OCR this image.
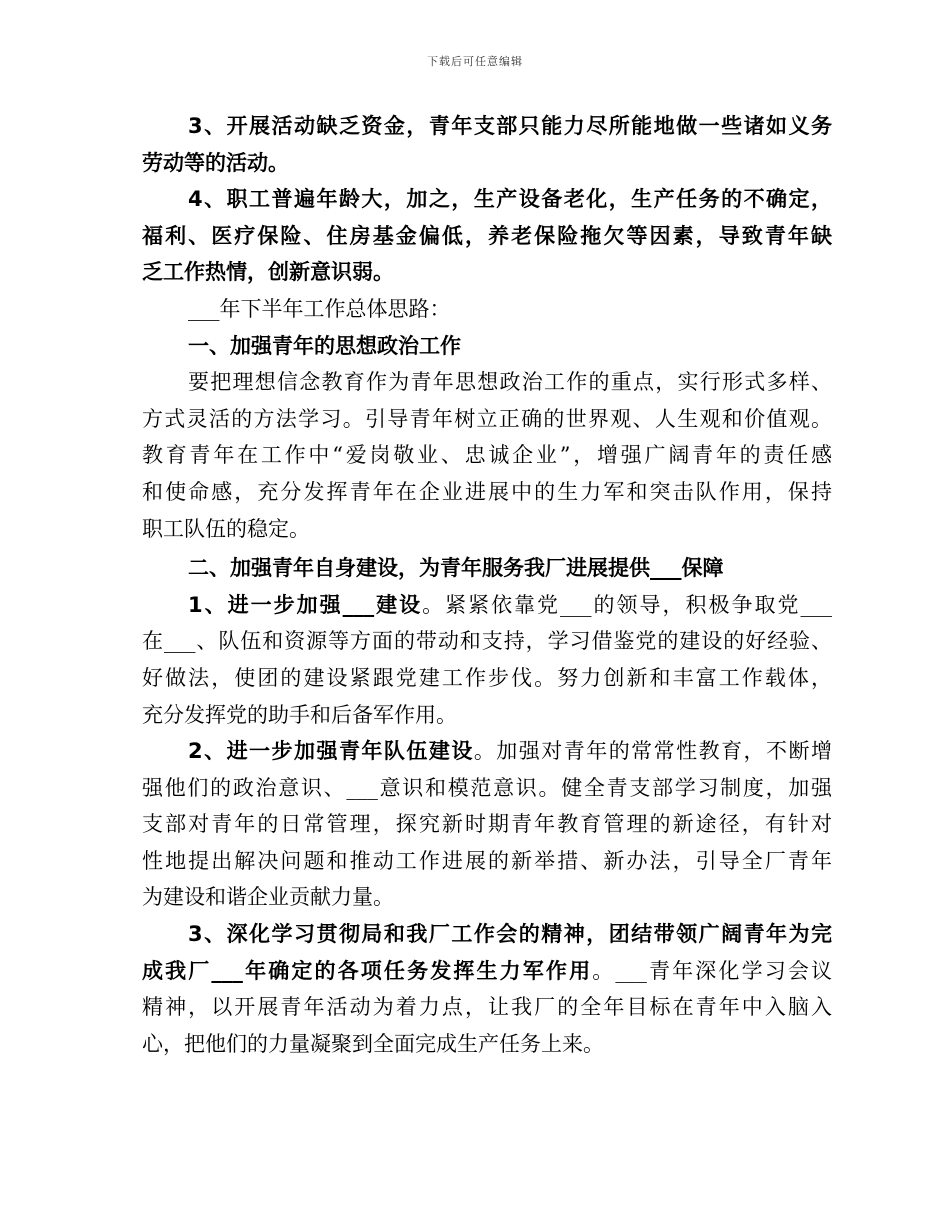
下载后可任意编辑
3、开展活动缺乏资金，青年支部只能力尽所能地做一些诸如义务
劳动等的活动。
4、职工普遍年龄大，加之，生产设备老化，生产任务的不确定，
福利、医疗保险、住房基金偏低，养老保险拖欠等因素，导致青年缺
乏工作热情，创新意识弱。
___年下半年工作总体思路：
一、加强青年的思想政治工作
要把理想信念教育作为青年思想政治工作的重点，实行形式多样、
方式灵活的方法学习。引导青年树立正确的世界观、人生观和价值观。
教育青年在工作中“爱岗敬业、忠诚企业”，增强广阔青年的责任感
和使命感，充分发挥青年在企业进展中的生力军和突击队作用，保持
职工队伍的稳定。
二、加强青年自身建设，为青年服务我厂进展提供___保障
1、进一步加强___建设。紧紧依靠党___的领导，积极争取党___
在___、队伍和资源等方面的带动和支持，学习借鉴党的建设的好经验、
好做法，使团的建设紧跟党建工作步伐。努力创新和丰富工作载体，
充分发挥党的助手和后备军作用。
2、进一步加强青年队伍建设。加强对青年的常常性教育，不断增
强他们的政治意识、___意识和模范意识。健全青支部学习制度，加强
支部对青年的日常管理，探究新时期青年教育管理的新途径，有针对
性地提出解决问题和推动工作进展的新举措、新办法，引导全厂青年
为建设和谐企业贡献力量。
3、深化学习贯彻局和我厂工作会的精神，团结带领广阔青年为完
成我厂___年确定的各项任务发挥生力军作用。___青年深化学习会议
精神，以开展青年活动为着力点，让我厂的全年目标在青年中入脑入
心，把他们的力量凝聚到全面完成生产任务上来。
